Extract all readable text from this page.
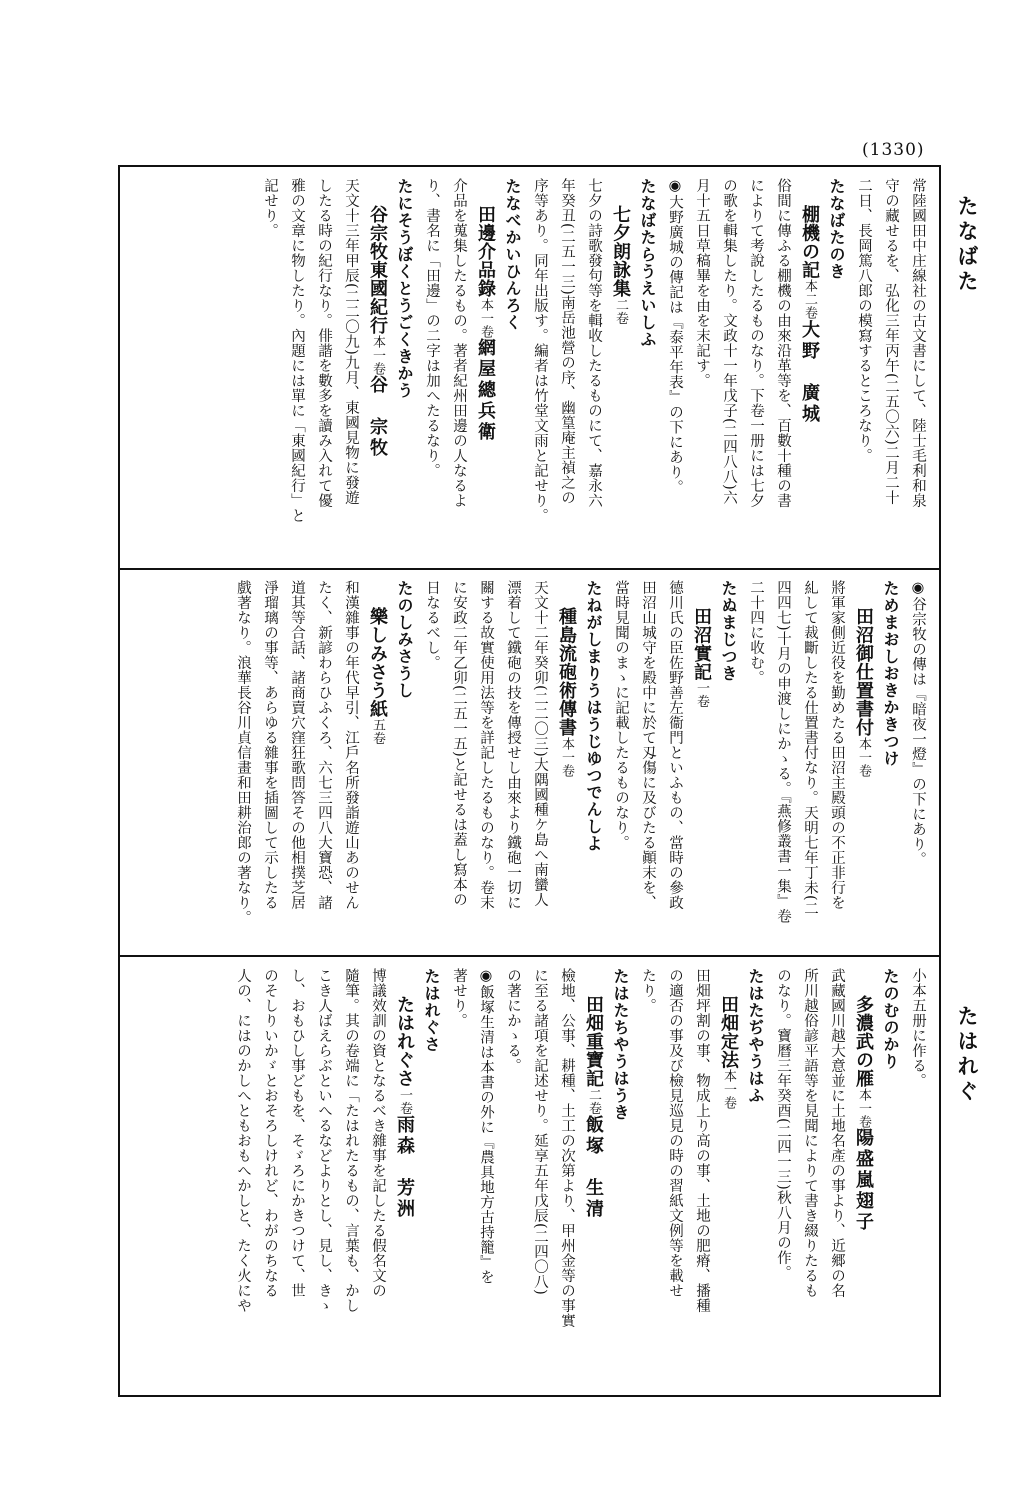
(1330)
たなばた
たはれぐ
常陸國田中庄線社の古文書にして、陸士毛利和泉
守の藏せるを、弘化三年丙午(二五〇六)二月二十
二日、長岡篤八郎の模寫するところなり。
たなばたのき
棚機の記本二卷大野　廣城
俗間に傳ふる棚機の由來沿革等を、百數十種の書
によりて考說したるものなり。下卷一册には七夕
の歌を輯集したり。文政十一年戊子(二四八八)六
月十五日草稿畢を由を末記す。
◉大野廣城の傳記は『泰平年表』の下にあり。
たなばたらうえいしふ
七夕朗詠集二卷
七夕の詩歌發句等を輯收したるものにて、嘉永六
年癸丑(二五一三)南岳池營の序、幽篁庵主禎之の
序等あり。同年出版す。編者は竹堂文雨と記せり。
たなべかいひんろく
田邊介品錄本一卷網屋總兵衛
介品を蒐集したるもの。著者紀州田邊の人なるよ
り、書名に「田邊」の二字は加へたるなり。
たにそうぼくとうごくきかう
谷宗牧東國紀行本一卷谷　宗牧
天文十三年甲辰(二二〇九)九月、東國見物に發遊
したる時の紀行なり。俳諧を數多を讀み入れて優
雅の文章に物したり。內題には單に「東國紀行」と
記せり。
◉谷宗牧の傳は『暗夜一燈』の下にあり。
ためまおしおきかきつけ
田沼御仕置書付本一卷
將軍家側近役を勤めたる田沼主殿頭の不正非行を
糺して裁斷したる仕置書付なり。天明七年丁未(二
四四七)十月の申渡しにかゝる。『燕修叢書一集』卷
二十四に收む。
たぬまじつき
田沼實記一卷
德川氏の臣佐野善左衞門といふもの、當時の參政
田沼山城守を殿中に於て刄傷に及びたる顚末を、
當時見聞のまゝに記載したるものなり。
たねがしまりうはうじゆつでんしよ
種島流砲術傳書本一卷
天文十二年癸卯(二二〇三)大隅國種ケ島へ南蠻人
漂着して鐵砲の技を傳授せし由來より鐵砲一切に
關する故實使用法等を詳記したるものなり。卷末
に安政二年乙卯(二五一五)と記せるは蓋し寫本の
日なるべし。
たのしみさうし
樂しみさう紙五卷
和漢雜事の年代早引、江戶名所發詣遊山あのせん
たく、新諺わらひふくろ、六七三四八大寶恐、諸
道其等合話、諸商賣穴窪狂歌問答その他相撲芝居
淨瑠璃の事等、あらゆる雜事を插圖して示したる
戲著なり。浪華長谷川貞信畫和田耕治郎の著なり。
小本五册に作る。
たのむのかり
多濃武の雁本一卷陽盛嵐翅子
武藏國川越大意並に土地名產の事より、近郷の名
所川越俗諺平語等を見聞によりて書き綴りたるも
のなり。寶曆三年癸酉(二四一三)秋八月の作。
たはたぢやうはふ
田畑定法本一卷
田畑坪割の事、物成上り高の事、土地の肥瘠、播種
の適否の事及び檢見巡見の時の習紙文例等を載せ
たり。
たはたちやうはうき
田畑重寶記二卷飯塚　生清
檢地、公事、耕種、土工の次第より、甲州金等の事實
に至る諸項を記述せり。延享五年戊辰(二四〇八)
の著にかゝる。
◉飯塚生清は本書の外に『農具地方古持籠』を
著せり。
たはれぐさ
たはれぐさ一卷雨森　芳洲
博議效訓の資となるべき雜事を記したる假名文の
隨筆。其の卷端に「たはれたるもの、言葉も、かし
こき人ばえらぶといへるなどよりとし、見し、きゝ
し、おもひし事どもを、そゞろにかきつけて、世
のそしりいかゞとおそろしけれど、わがのちなる
人の、にはのかしへともおもへかしと、たく火にや
